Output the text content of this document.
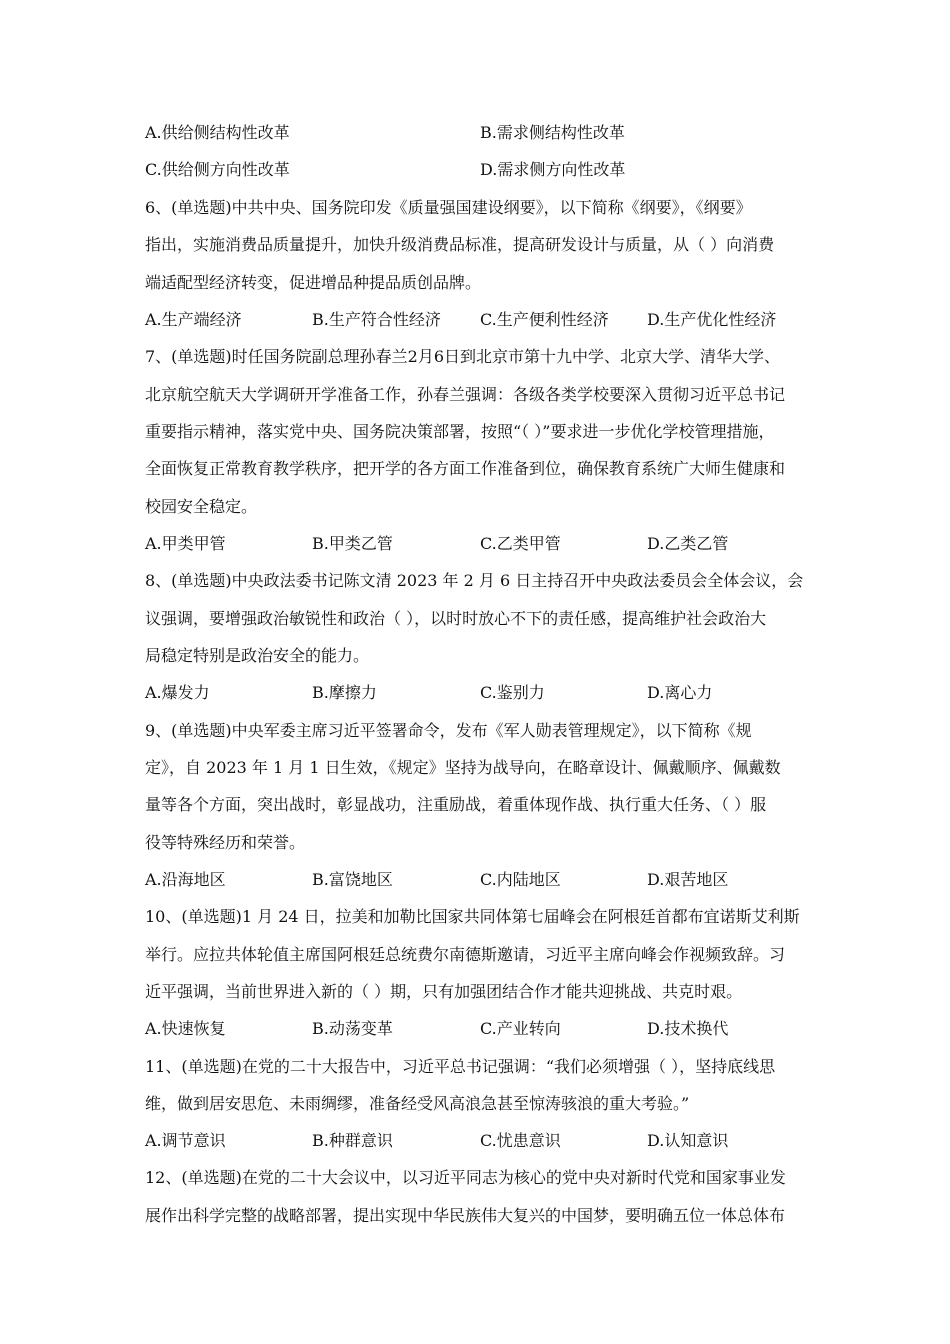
A.供给侧结构性改革	B.需求侧结构性改革
C.供给侧方向性改革	D.需求侧方向性改革
6、(单选题)中共中央、国务院印发《质量强国建设纲要》，以下简称《纲要》，《纲要》
指出，实施消费品质量提升，加快升级消费品标准，提高研发设计与质量，从（ ）向消费
端适配型经济转变，促进增品种提品质创品牌。
A.生产端经济	B.生产符合性经济 C.生产便利性经济 D.生产优化性经济
7、(单选题)时任国务院副总理孙春兰2月6日到北京市第十九中学、北京大学、清华大学、
北京航空航天大学调研开学准备工作，孙春兰强调：各级各类学校要深入贯彻习近平总书记
重要指示精神，落实党中央、国务院决策部署，按照“（ ）”要求进一步优化学校管理措施，
全面恢复正常教育教学秩序，把开学的各方面工作准备到位，确保教育系统广大师生健康和
校园安全稳定。
A.甲类甲管	B.甲类乙管	C.乙类甲管	D.乙类乙管
8、(单选题)中央政法委书记陈文清 2023 年 2 月 6 日主持召开中央政法委员会全体会议，会
议强调，要增强政治敏锐性和政治（ ），以时时放心不下的责任感，提高维护社会政治大
局稳定特别是政治安全的能力。
A.爆发力	B.摩擦力	C.鉴别力	D.离心力
9、(单选题)中央军委主席习近平签署命令，发布《军人勋表管理规定》，以下简称《规
定》，自 2023 年 1 月 1 日生效，《规定》坚持为战导向，在略章设计、佩戴顺序、佩戴数
量等各个方面，突出战时，彰显战功，注重励战，着重体现作战、执行重大任务、（ ）服
役等特殊经历和荣誉。
A.沿海地区	B.富饶地区	C.内陆地区	D.艰苦地区
10、(单选题)1 月 24 日，拉美和加勒比国家共同体第七届峰会在阿根廷首都布宜诺斯艾利斯
举行。应拉共体轮值主席国阿根廷总统费尔南德斯邀请，习近平主席向峰会作视频致辞。习
近平强调，当前世界进入新的（ ）期，只有加强团结合作才能共迎挑战、共克时艰。
A.快速恢复	B.动荡变革	C.产业转向	D.技术换代
11、(单选题)在党的二十大报告中，习近平总书记强调：“我们必须增强（ ），坚持底线思
维，做到居安思危、未雨绸缪，准备经受风高浪急甚至惊涛骇浪的重大考验。”
A.调节意识	B.种群意识	C.忧患意识	D.认知意识
12、(单选题)在党的二十大会议中，以习近平同志为核心的党中央对新时代党和国家事业发
展作出科学完整的战略部署，提出实现中华民族伟大复兴的中国梦，要明确五位一体总体布
